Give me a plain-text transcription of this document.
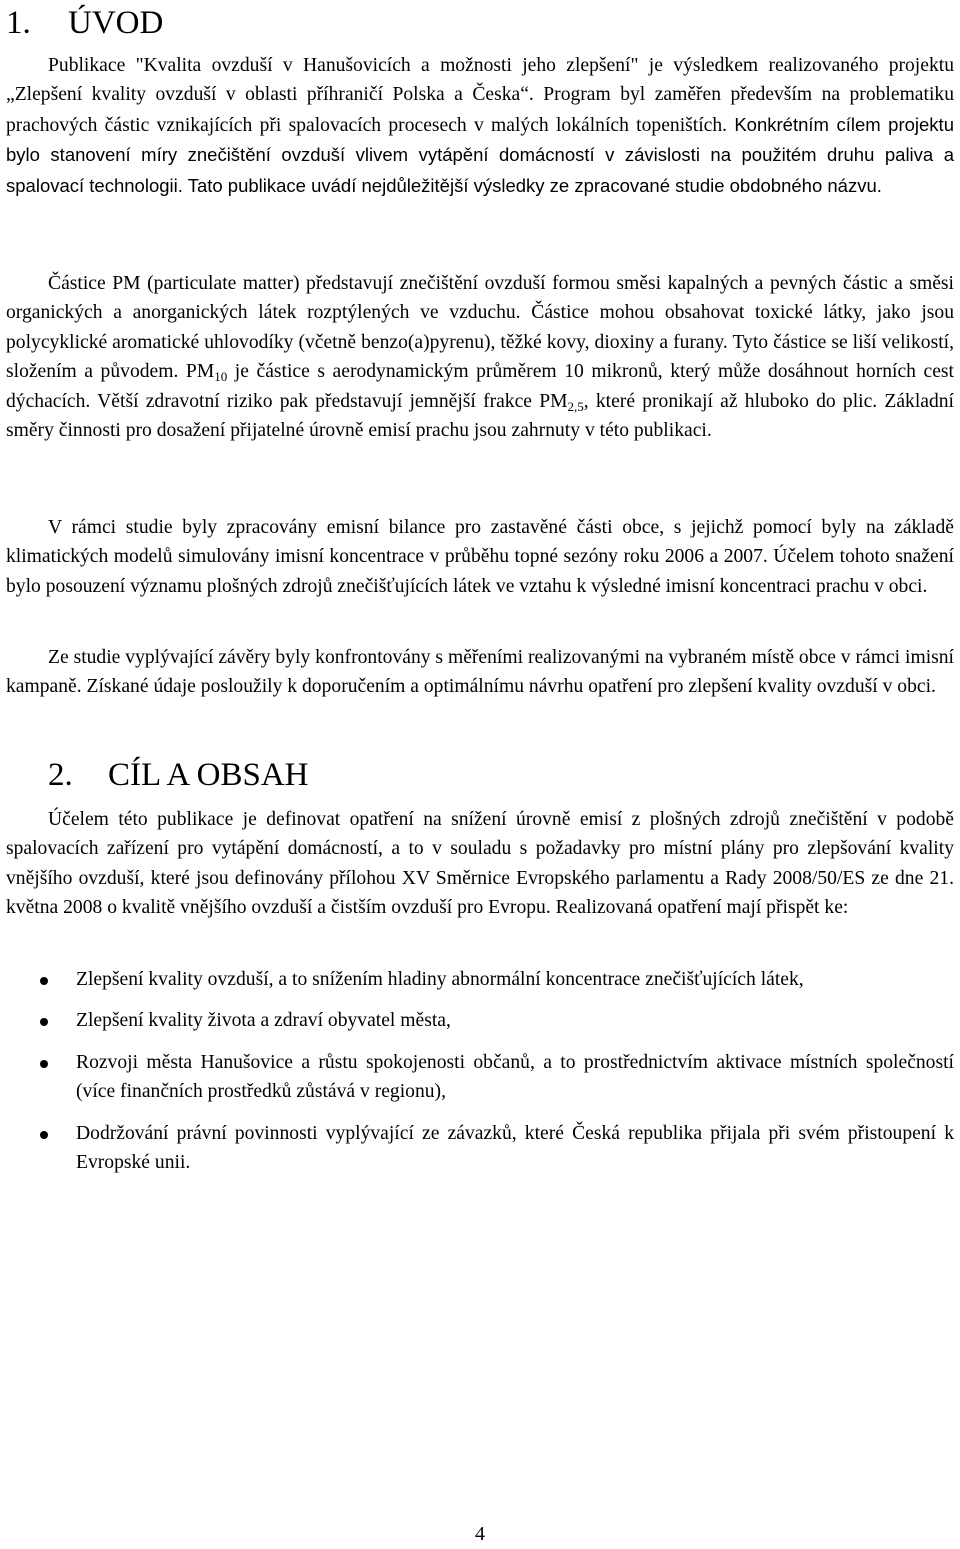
1.	ÚVOD

Publikace "Kvalita ovzduší v Hanušovicích a možnosti jeho zlepšení" je výsledkem realizovaného projektu „Zlepšení kvality ovzduší v oblasti příhraničí Polska a Česka“. Program byl zaměřen především na problematiku prachových částic vznikajících při spalovacích procesech v malých lokálních topeništích. Konkrétním cílem projektu bylo stanovení míry znečištění ovzduší vlivem vytápění domácností v závislosti na použitém druhu paliva a spalovací technologii. Tato publikace uvádí nejdůležitější výsledky ze zpracované studie obdobného názvu.

Částice PM (particulate matter) představují znečištění ovzduší formou směsi kapalných a pevných částic a směsi organických a anorganických látek rozptýlených ve vzduchu. Částice mohou obsahovat toxické látky, jako jsou polycyklické aromatické uhlovodíky (včetně benzo(a)pyrenu), těžké kovy, dioxiny a furany. Tyto částice se liší velikostí, složením a původem. $PM_{10}$ je částice s aerodynamickým průměrem 10 mikronů, který může dosáhnout horních cest dýchacích. Větší zdravotní riziko pak představují jemnější frakce $PM_{2,5}$, které pronikají až hluboko do plic. Základní směry činnosti pro dosažení přijatelné úrovně emisí prachu jsou zahrnuty v této publikaci.

V rámci studie byly zpracovány emisní bilance pro zastavěné části obce, s jejichž pomocí byly na základě klimatických modelů simulovány imisní koncentrace v průběhu topné sezóny roku 2006 a 2007. Účelem tohoto snažení bylo posouzení významu plošných zdrojů znečišťujících látek ve vztahu k výsledné imisní koncentraci prachu v obci.

Ze studie vyplývající závěry byly konfrontovány s měřeními realizovanými na vybraném místě obce v rámci imisní kampaně. Získané údaje posloužily k doporučením a optimálnímu návrhu opatření pro zlepšení kvality ovzduší v obci.

2.	CÍL A OBSAH

Účelem této publikace je definovat opatření na snížení úrovně emisí z plošných zdrojů znečištění v podobě spalovacích zařízení pro vytápění domácností, a to v souladu s požadavky pro místní plány pro zlepšování kvality vnějšího ovzduší, které jsou definovány přílohou XV Směrnice Evropského parlamentu a Rady 2008/50/ES ze dne 21. května 2008 o kvalitě vnějšího ovzduší a čistším ovzduší pro Evropu. Realizovaná opatření mají přispět ke:

Zlepšení kvality ovzduší, a to snížením hladiny abnormální koncentrace znečišťujících látek,
Zlepšení kvality života a zdraví obyvatel města,
Rozvoji města Hanušovice a růstu spokojenosti občanů, a to prostřednictvím aktivace místních společností (více finančních prostředků zůstává v regionu),
Dodržování právní povinnosti vyplývající ze závazků, které Česká republika přijala při svém přistoupení k Evropské unii.
4
